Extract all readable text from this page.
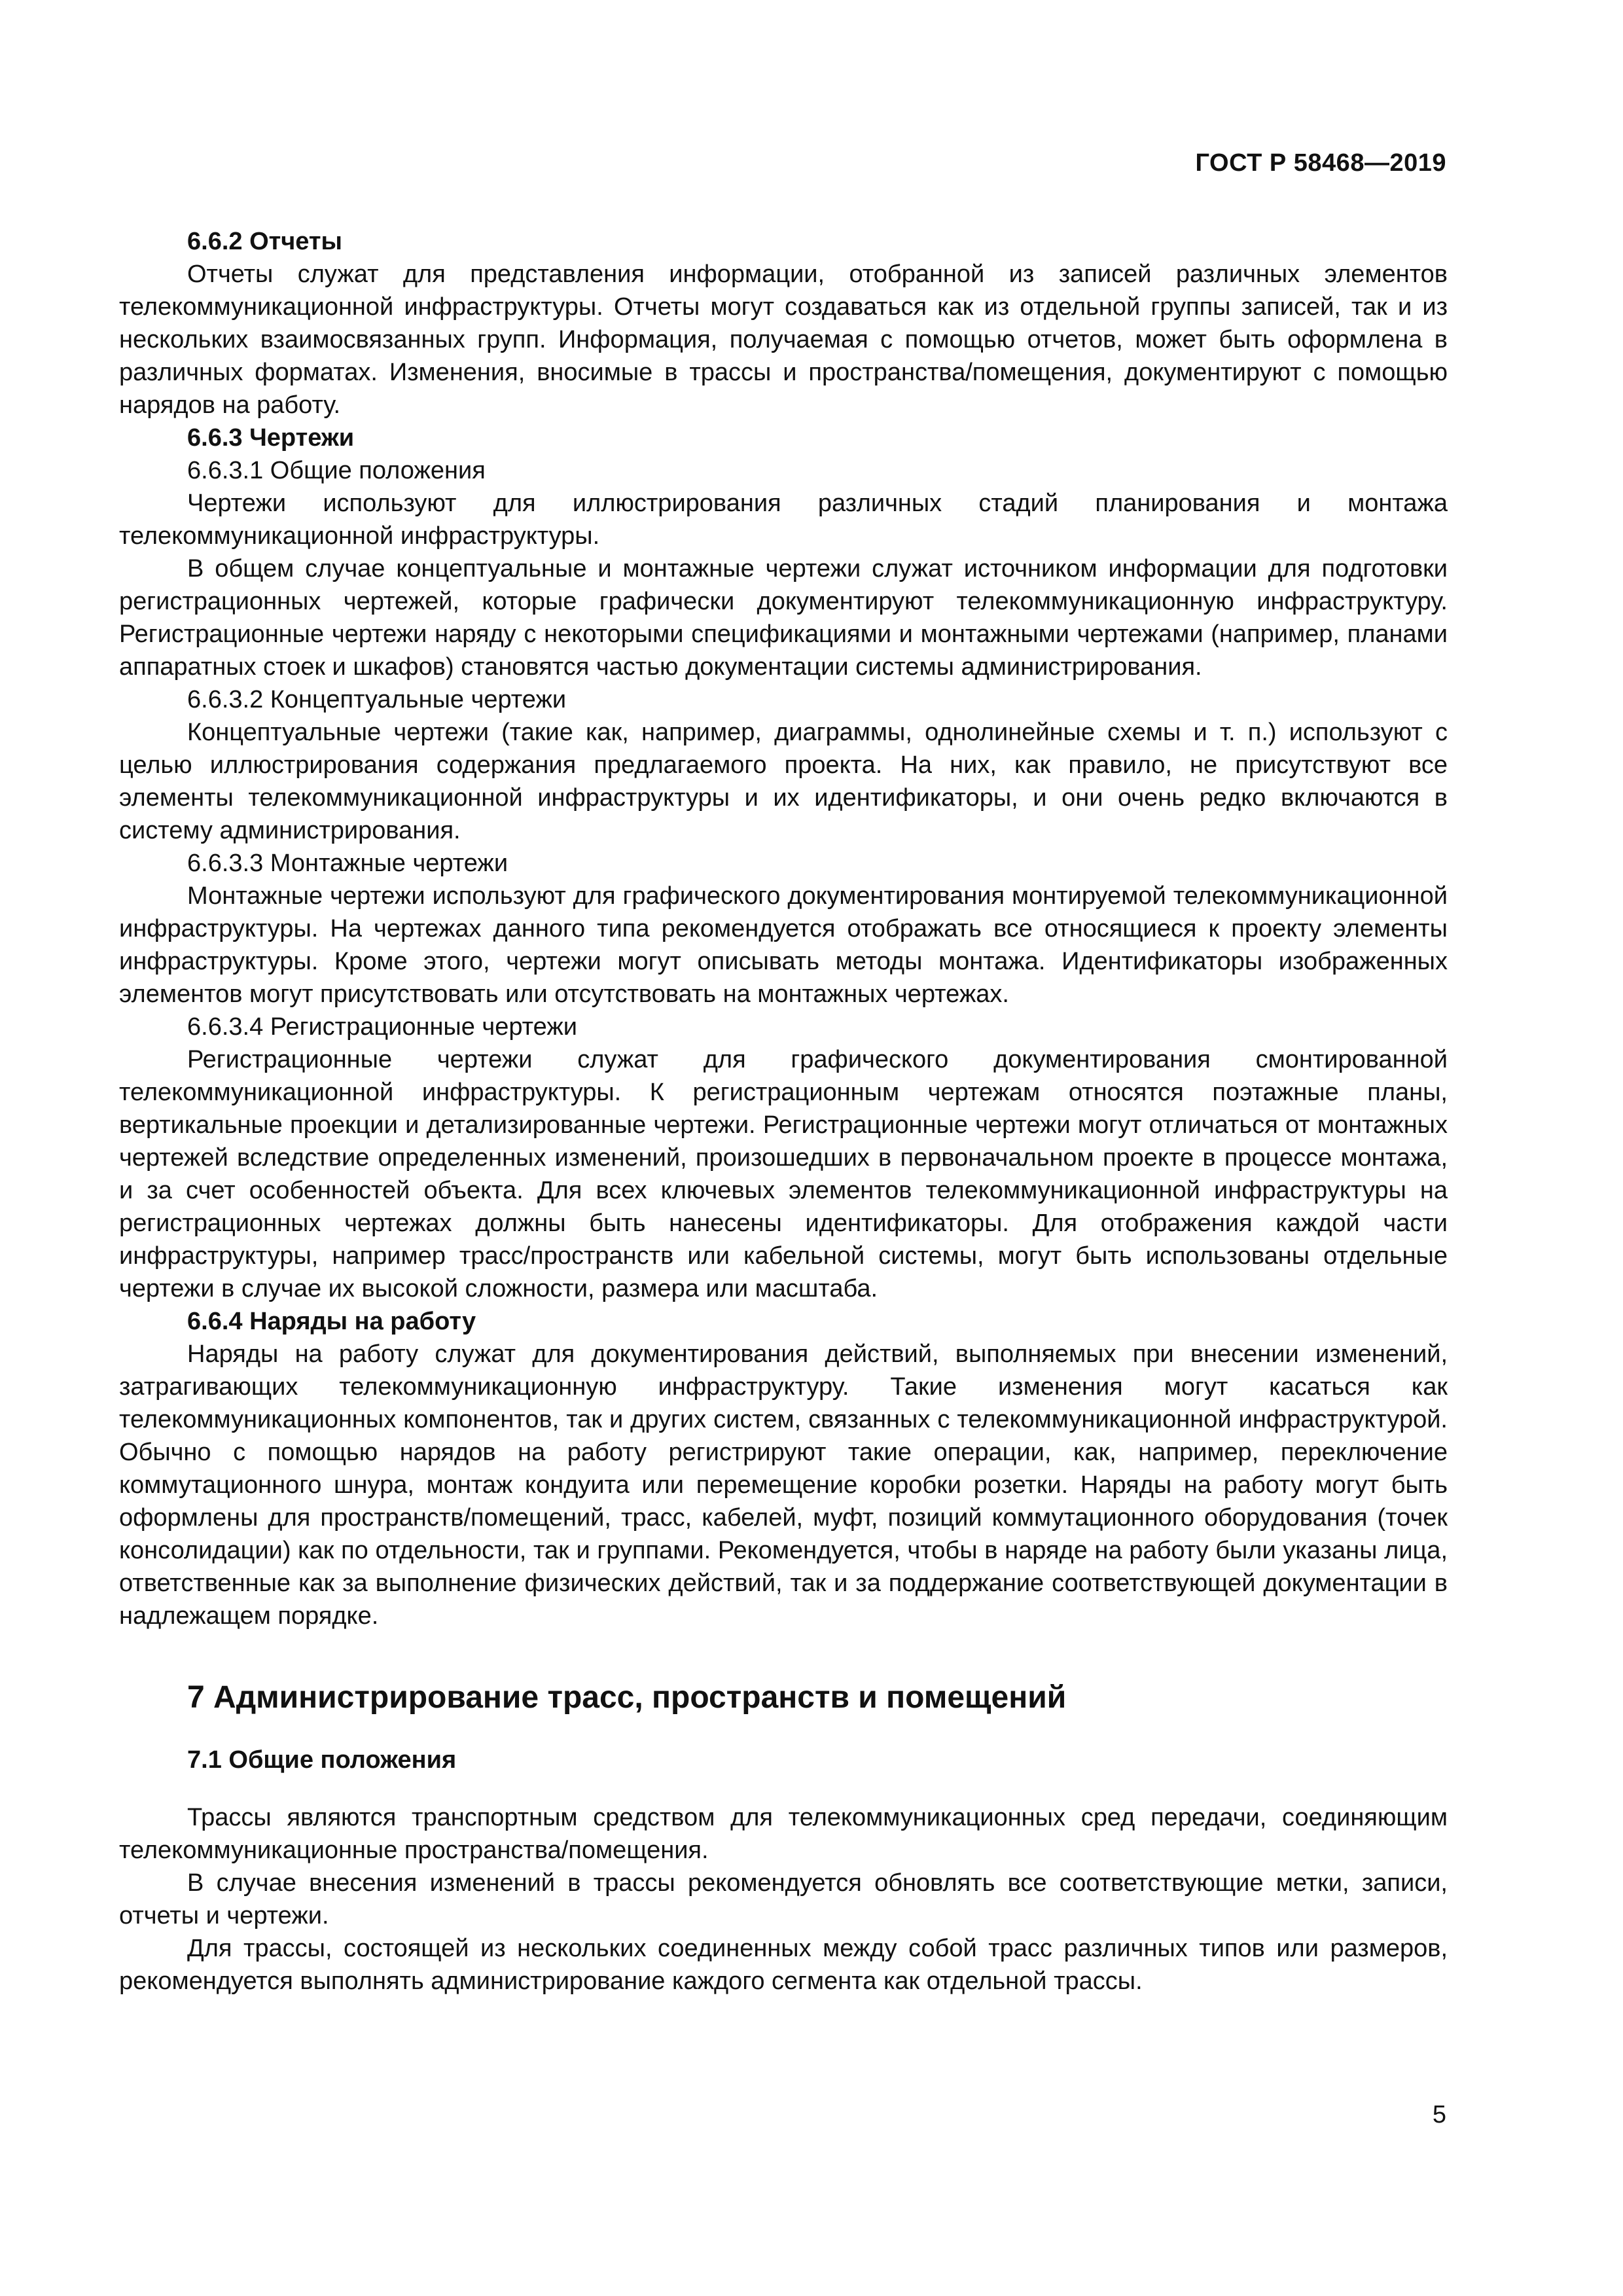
ГОСТ Р 58468—2019

6.6.2 Отчеты

Отчеты служат для представления информации, отобранной из записей различных элементов телекоммуникационной инфраструктуры. Отчеты могут создаваться как из отдельной группы записей, так и из нескольких взаимосвязанных групп. Информация, получаемая с помощью отчетов, может быть оформлена в различных форматах. Изменения, вносимые в трассы и пространства/помещения, документируют с помощью нарядов на работу.

6.6.3 Чертежи

6.6.3.1 Общие положения

Чертежи используют для иллюстрирования различных стадий планирования и монтажа телекоммуникационной инфраструктуры.

В общем случае концептуальные и монтажные чертежи служат источником информации для подготовки регистрационных чертежей, которые графически документируют телекоммуникационную инфраструктуру. Регистрационные чертежи наряду с некоторыми спецификациями и монтажными чертежами (например, планами аппаратных стоек и шкафов) становятся частью документации системы администрирования.

6.6.3.2 Концептуальные чертежи

Концептуальные чертежи (такие как, например, диаграммы, однолинейные схемы и т. п.) используют с целью иллюстрирования содержания предлагаемого проекта. На них, как правило, не присутствуют все элементы телекоммуникационной инфраструктуры и их идентификаторы, и они очень редко включаются в систему администрирования.

6.6.3.3 Монтажные чертежи

Монтажные чертежи используют для графического документирования монтируемой телекоммуникационной инфраструктуры. На чертежах данного типа рекомендуется отображать все относящиеся к проекту элементы инфраструктуры. Кроме этого, чертежи могут описывать методы монтажа. Идентификаторы изображенных элементов могут присутствовать или отсутствовать на монтажных чертежах.

6.6.3.4 Регистрационные чертежи

Регистрационные чертежи служат для графического документирования смонтированной телекоммуникационной инфраструктуры. К регистрационным чертежам относятся поэтажные планы, вертикальные проекции и детализированные чертежи. Регистрационные чертежи могут отличаться от монтажных чертежей вследствие определенных изменений, произошедших в первоначальном проекте в процессе монтажа, и за счет особенностей объекта. Для всех ключевых элементов телекоммуникационной инфраструктуры на регистрационных чертежах должны быть нанесены идентификаторы. Для отображения каждой части инфраструктуры, например трасс/пространств или кабельной системы, могут быть использованы отдельные чертежи в случае их высокой сложности, размера или масштаба.

6.6.4 Наряды на работу

Наряды на работу служат для документирования действий, выполняемых при внесении изменений, затрагивающих телекоммуникационную инфраструктуру. Такие изменения могут касаться как телекоммуникационных компонентов, так и других систем, связанных с телекоммуникационной инфраструктурой. Обычно с помощью нарядов на работу регистрируют такие операции, как, например, переключение коммутационного шнура, монтаж кондуита или перемещение коробки розетки. Наряды на работу могут быть оформлены для пространств/помещений, трасс, кабелей, муфт, позиций коммутационного оборудования (точек консолидации) как по отдельности, так и группами. Рекомендуется, чтобы в наряде на работу были указаны лица, ответственные как за выполнение физических действий, так и за поддержание соответствующей документации в надлежащем порядке.

7 Администрирование трасс, пространств и помещений

7.1 Общие положения

Трассы являются транспортным средством для телекоммуникационных сред передачи, соединяющим телекоммуникационные пространства/помещения.

В случае внесения изменений в трассы рекомендуется обновлять все соответствующие метки, записи, отчеты и чертежи.

Для трассы, состоящей из нескольких соединенных между собой трасс различных типов или размеров, рекомендуется выполнять администрирование каждого сегмента как отдельной трассы.

5
